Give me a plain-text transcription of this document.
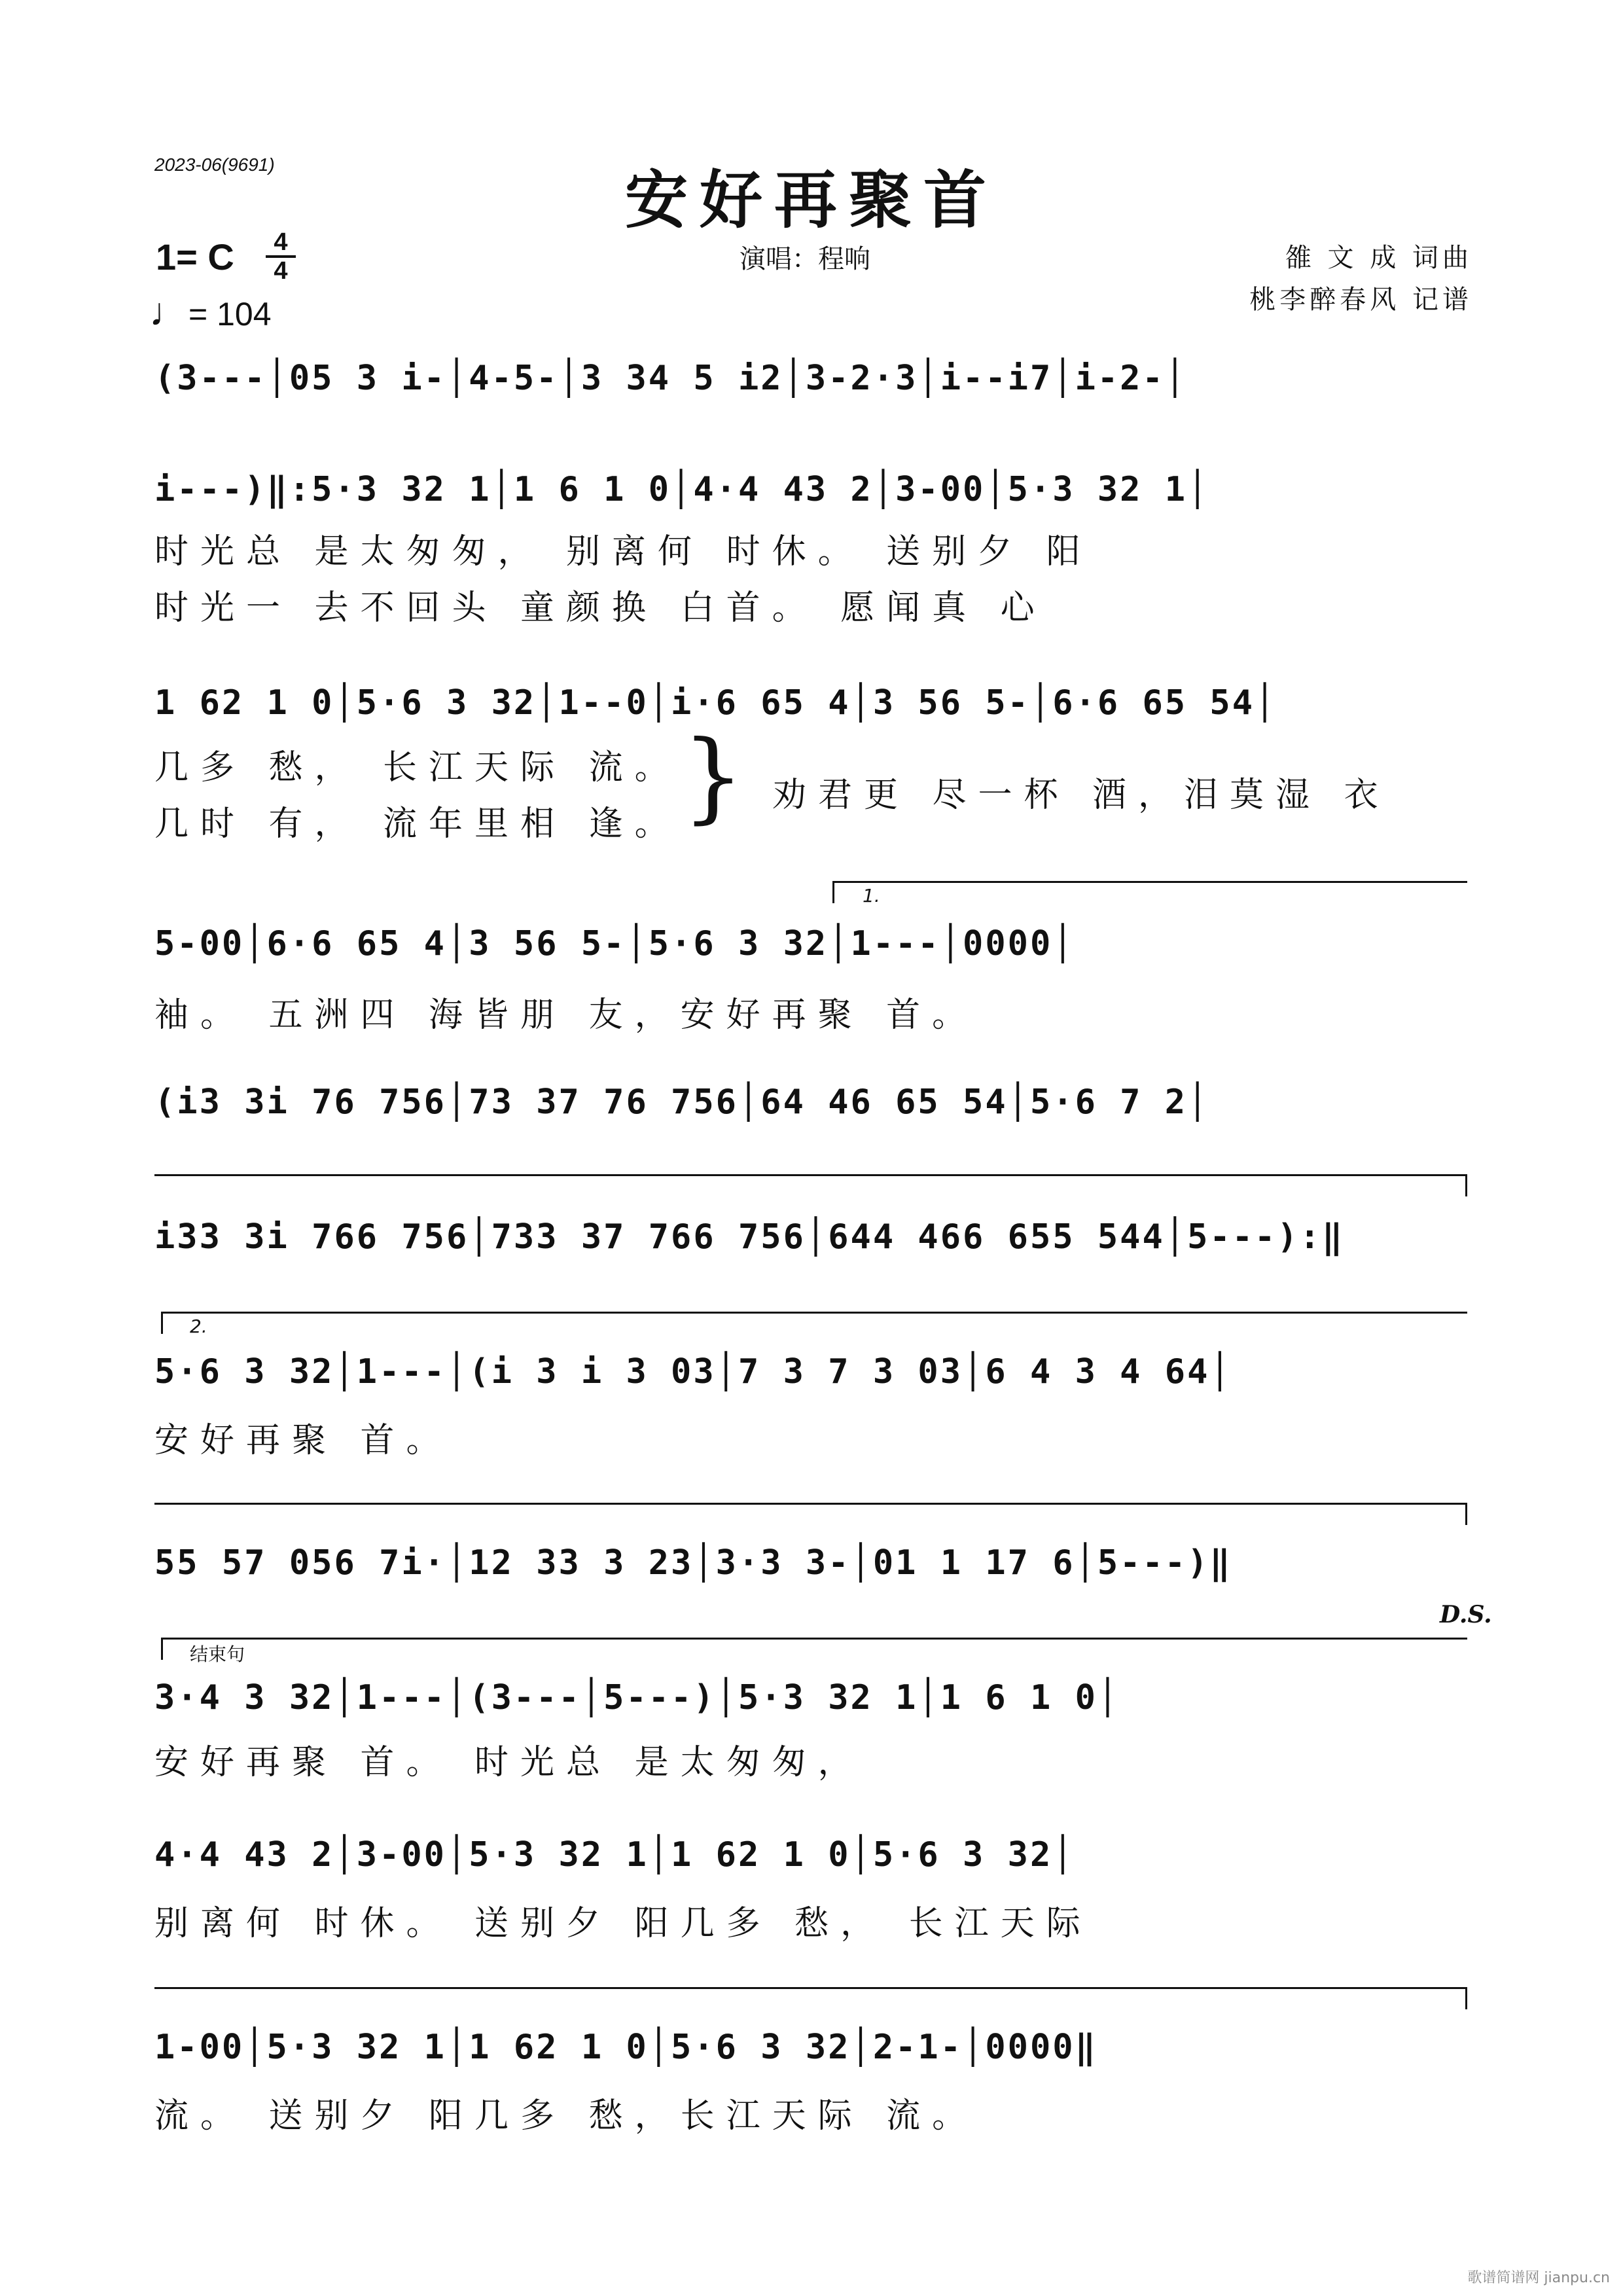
2023-06(9691)	安好再聚首
1= C	4
4
♩= 104
演唱：程响	雒 文 成 词曲
桃李醉春风 记谱
(3---│05 3 i-│4-5-│3 34 5 i2│3-2·3│i--i7│i-2-│
i---)‖:5·3 32 1│1 6 1 0│4·4 43 2│3-00│5·3 32 1│
时光总 是太匆匆， 别离何 时休。 送别夕 阳
时光一 去不回头 童颜换 白首。 愿闻真 心
1 62 1 0│5·6 3 32│1--0│i·6 65 4│3 56 5-│6·6 65 54│
几多 愁， 长江天际 流。
几时 有， 流年里相 逢。 } 劝君更 尽一杯 酒，泪莫湿 衣
1.
5-00│6·6 65 4│3 56 5-│5·6 3 32│1---│0000│
袖。 五洲四 海皆朋 友，安好再聚 首。
(i3 3i 76 756│73 37 76 756│64 46 65 54│5·6 7 2│
i33 3i 766 756│733 37 766 756│644 466 655 544│5---):‖
2.
5·6 3 32│1---│(i 3 i 3 03│7 3 7 3 03│6 4 3 4 64│
安好再聚 首。
55 57 056 7i·│12 33 3 23│3·3 3-│01 1 17 6│5---)‖
D.S.
结束句
3·4 3 32│1---│(3---│5---)│5·3 32 1│1 6 1 0│
安好再聚 首。 时光总 是太匆匆，
4·4 43 2│3-00│5·3 32 1│1 62 1 0│5·6 3 32│
别离何 时休。 送别夕 阳几多 愁， 长江天际
1-00│5·3 32 1│1 62 1 0│5·6 3 32│2-1-│0000‖
流。 送别夕 阳几多 愁，长江天际 流。
歌谱简谱网 jianpu.cn
